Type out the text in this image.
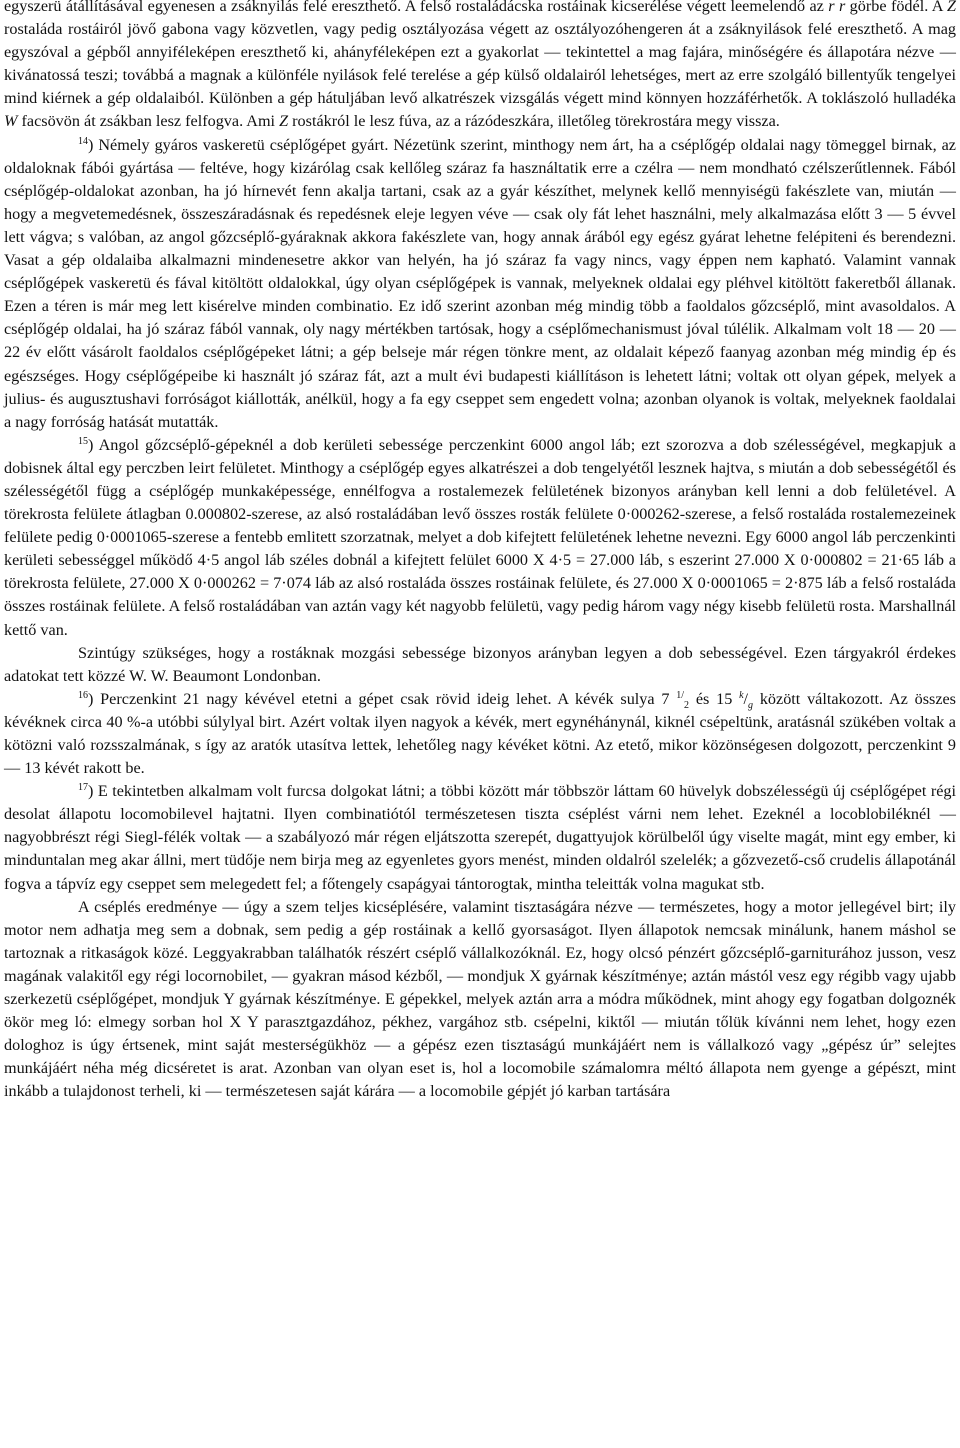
egyszerü átállításával egyenesen a zsáknyilás felé ereszthető. A felső rostaládácska rostáinak kicserélése végett leemelendő az r r görbe födél. A Z rostaláda rostáiról jövő gabona vagy közvetlen, vagy pedig osztályozása végett az osztályozóhengeren át a zsáknyilások felé ereszthető. A mag egyszóval a gépből annyiféleképen ereszthető ki, ahányféleképen ezt a gyakorlat — tekintettel a mag fajára, minőségére és állapotára nézve — kivánatossá teszi; továbbá a magnak a különféle nyilások felé terelése a gép külső oldalairól lehetséges, mert az erre szolgáló billentyűk tengelyei mind kiérnek a gép oldalaiból. Különben a gép hátuljában levő alkatrészek vizsgálás végett mind könnyen hozzáférhetők. A toklászoló hulladéka W facsövön át zsákban lesz felfogva. Ami Z rostákról le lesz fúva, az a rázódeszkára, illetőleg törekrostára megy vissza.

$^{14}$) Némely gyáros vaskeretü cséplőgépet gyárt. Nézetünk szerint, minthogy nem árt, ha a cséplőgép oldalai nagy tömeggel birnak, az oldaloknak fábói gyártása — feltéve, hogy kizárólag csak kellőleg száraz fa használtatik erre a czélra — nem mondható czélszerűtlennek. Fából cséplőgép-oldalokat azonban, ha jó hírnevét fenn akalja tartani, csak az a gyár készíthet, melynek kellő mennyiségü fakészlete van, miután — hogy a megvetemedésnek, összeszáradásnak és repedésnek eleje legyen véve — csak oly fát lehet használni, mely alkalmazása előtt 3 — 5 évvel lett vágva; s valóban, az angol gőzcséplő-gyáraknak akkora fakészlete van, hogy annak árából egy egész gyárat lehetne felépiteni és berendezni. Vasat a gép oldalaiba alkalmazni mindenesetre akkor van helyén, ha jó száraz fa vagy nincs, vagy éppen nem kapható. Valamint vannak cséplőgépek vaskeretü és fával kitöltött oldalokkal, úgy olyan cséplőgépek is vannak, melyeknek oldalai egy pléhvel kitöltött fakeretből állanak. Ezen a téren is már meg lett kisérelve minden combinatio. Ez idő szerint azonban még mindig több a faoldalos gőzcséplő, mint avasoldalos. A cséplőgép oldalai, ha jó száraz fából vannak, oly nagy mértékben tartósak, hogy a cséplőmechanismust jóval túlélik. Alkalmam volt 18 — 20 — 22 év előtt vásárolt faoldalos cséplőgépeket látni; a gép belseje már régen tönkre ment, az oldalait képező faanyag azonban még mindig ép és egészséges. Hogy cséplőgépeibe ki használt jó száraz fát, azt a mult évi budapesti kiállításon is lehetett látni; voltak ott olyan gépek, melyek a julius- és augusztushavi forróságot kiállották, anélkül, hogy a fa egy cseppet sem engedett volna; azonban olyanok is voltak, melyeknek faoldalai a nagy forróság hatását mutatták.

$^{15}$) Angol gőzcséplő-gépeknél a dob kerületi sebessége perczenkint 6000 angol láb; ezt szorozva a dob szélességével, megkapjuk a dobisnek által egy perczben leirt felületet. Minthogy a cséplőgép egyes alkatrészei a dob tengelyétől lesznek hajtva, s miután a dob sebességétől és szélességétől függ a cséplőgép munkaképessége, ennélfogva a rostalemezek felületének bizonyos arányban kell lenni a dob felületével. A törekrosta felülete átlagban 0.000802-szerese, az alsó rostaládában levő összes rosták felülete 0·000262-szerese, a felső rostaláda rostalemezeinek felülete pedig 0·0001065-szerese a fentebb emlitett szorzatnak, melyet a dob kifejtett felületének lehetne nevezni. Egy 6000 angol láb perczenkinti kerületi sebességgel működő 4·5 angol láb széles dobnál a kifejtett felület 6000 X 4·5 = 27.000 láb, s eszerint 27.000 X 0·000802 = 21·65 láb a törekrosta felülete, 27.000 X 0·000262 = 7·074 láb az alsó rostaláda összes rostáinak felülete, és 27.000 X 0·0001065 = 2·875 láb a felső rostaláda összes rostáinak felülete. A felső rostaládában van aztán vagy két nagyobb felületü, vagy pedig három vagy négy kisebb felületü rosta. Marshallnál kettő van.

Szintúgy szükséges, hogy a rostáknak mozgási sebessége bizonyos arányban legyen a dob sebességével. Ezen tárgyakról érdekes adatokat tett közzé W. W. Beaumont Londonban.

$^{16}$) Perczenkint 21 nagy kévével etetni a gépet csak rövid ideig lehet. A kévék sulya 7 $^{1/}_2$ és 15 $^k/_g$ között váltakozott. Az összes kévéknek circa 40 %-a utóbbi súlylyal birt. Azért voltak ilyen nagyok a kévék, mert egynéhánynál, kiknél csépeltünk, aratásnál szükében voltak a kötözni való rozsszalmának, s így az aratók utasítva lettek, lehetőleg nagy kévéket kötni. Az etető, mikor közönségesen dolgozott, perczenkint 9 — 13 kévét rakott be.

$^{17}$) E tekintetben alkalmam volt furcsa dolgokat látni; a többi között már többször láttam 60 hüvelyk dobszélességü új cséplőgépet régi desolat állapotu locomobilevel hajtatni. Ilyen combinatiótól természetesen tiszta cséplést várni nem lehet. Ezeknél a locoblobiléknél — nagyobbrészt régi Siegl-félék voltak — a szabályozó már régen eljátszotta szerepét, dugattyujok körülbelől úgy viselte magát, mint egy ember, ki minduntalan meg akar állni, mert tüdője nem birja meg az egyenletes gyors menést, minden oldalról szelelék; a gőzvezető-cső crudelis állapotánál fogva a tápvíz egy cseppet sem melegedett fel; a főtengely csapágyai tántorogtak, mintha teleitták volna magukat stb.

A cséplés eredménye — úgy a szem teljes kicséplésére, valamint tisztaságára nézve — természetes, hogy a motor jellegével birt; ily motor nem adhatja meg sem a dobnak, sem pedig a gép rostáinak a kellő gyorsaságot. Ilyen állapotok nemcsak minálunk, hanem máshol se tartoznak a ritkaságok közé. Leggyakrabban találhatók részért cséplő vállalkozóknál. Ez, hogy olcsó pénzért gőzcséplő-garniturához jusson, vesz magának valakitől egy régi locornobilet, — gyakran másod kézből, — mondjuk X gyárnak készítménye; aztán mástól vesz egy régibb vagy ujabb szerkezetü cséplőgépet, mondjuk Y gyárnak készítménye. E gépekkel, melyek aztán arra a módra működnek, mint ahogy egy fogatban dolgoznék ökör meg ló: elmegy sorban hol X Y parasztgazdához, pékhez, vargához stb. csépelni, kiktől — miután tőlük kívánni nem lehet, hogy ezen dologhoz is úgy értsenek, mint saját mesterségükhöz — a gépész ezen tisztaságú munkájáért nem is vállalkozó vagy „gépész úr” selejtes munkájáért néha még dicséretet is arat. Azonban van olyan eset is, hol a locomobile számalomra méltó állapota nem gyenge a gépészt, mint inkább a tulajdonost terheli, ki — természetesen saját kárára — a locomobile gépjét jó karban tartására
